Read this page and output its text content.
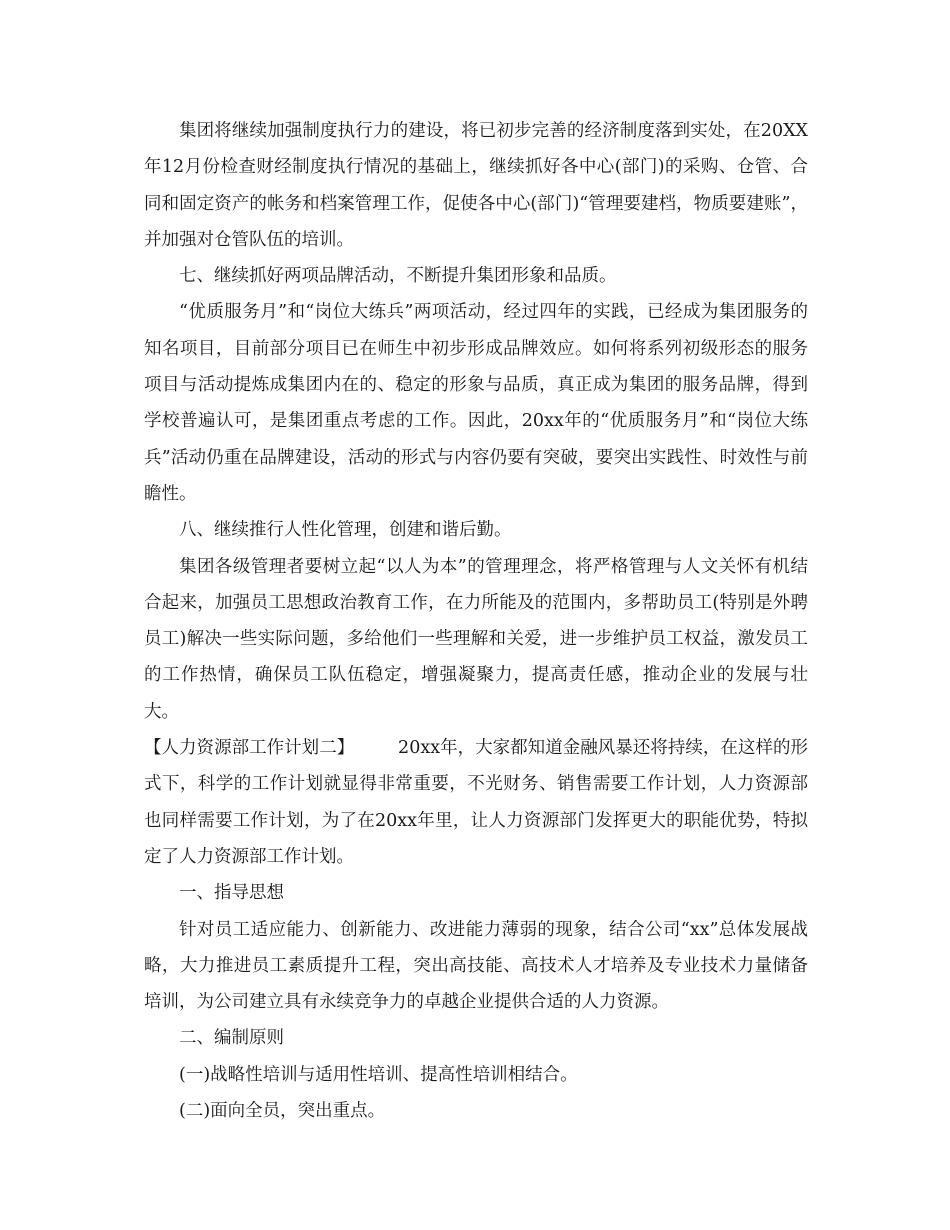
集团将继续加强制度执行力的建设，将已初步完善的经济制度落到实处，在20XX年12月份检查财经制度执行情况的基础上，继续抓好各中心(部门)的采购、仓管、合同和固定资产的帐务和档案管理工作，促使各中心(部门)“管理要建档，物质要建账”，并加强对仓管队伍的培训。

七、继续抓好两项品牌活动，不断提升集团形象和品质。

“优质服务月”和“岗位大练兵”两项活动，经过四年的实践，已经成为集团服务的知名项目，目前部分项目已在师生中初步形成品牌效应。如何将系列初级形态的服务项目与活动提炼成集团内在的、稳定的形象与品质，真正成为集团的服务品牌，得到学校普遍认可，是集团重点考虑的工作。因此，20xx年的“优质服务月”和“岗位大练兵”活动仍重在品牌建设，活动的形式与内容仍要有突破，要突出实践性、时效性与前瞻性。

八、继续推行人性化管理，创建和谐后勤。

集团各级管理者要树立起“以人为本”的管理理念，将严格管理与人文关怀有机结合起来，加强员工思想政治教育工作，在力所能及的范围内，多帮助员工(特别是外聘员工)解决一些实际问题，多给他们一些理解和关爱，进一步维护员工权益，激发员工的工作热情，确保员工队伍稳定，增强凝聚力，提高责任感，推动企业的发展与壮大。

【人力资源部工作计划二】　　　20xx年，大家都知道金融风暴还将持续，在这样的形式下，科学的工作计划就显得非常重要，不光财务、销售需要工作计划，人力资源部也同样需要工作计划，为了在20xx年里，让人力资源部门发挥更大的职能优势，特拟定了人力资源部工作计划。

一、指导思想

针对员工适应能力、创新能力、改进能力薄弱的现象，结合公司“xx”总体发展战略，大力推进员工素质提升工程，突出高技能、高技术人才培养及专业技术力量储备培训，为公司建立具有永续竞争力的卓越企业提供合适的人力资源。

二、编制原则

(一)战略性培训与适用性培训、提高性培训相结合。

(二)面向全员，突出重点。
